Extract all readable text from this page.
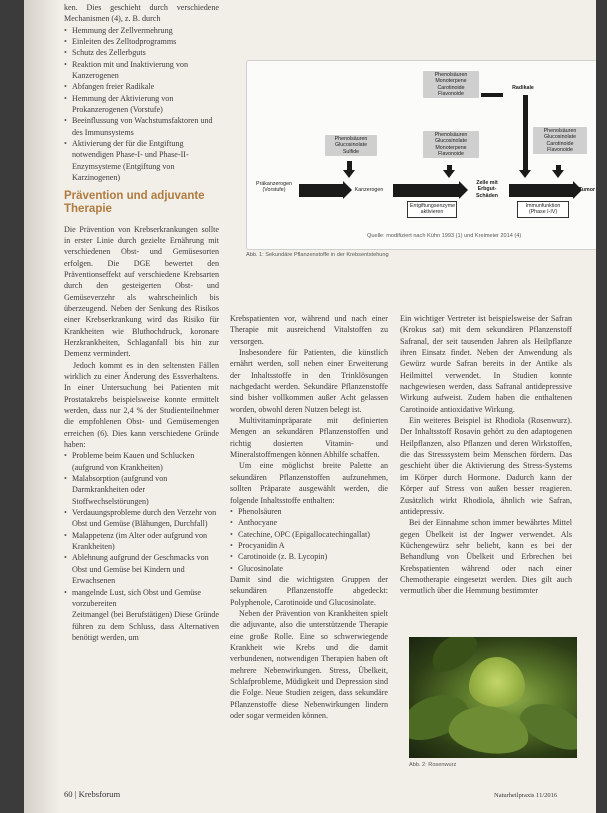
ken. Dies geschieht durch verschiedene Mechanismen (4), z. B. durch

• Hemmung der Zellvermehrung
• Einleiten des Zelltodprogramms
• Schutz des Zellerbguts
• Reaktion mit und Inaktivierung von Kanzerogenen
• Abfangen freier Radikale
• Hemmung der Aktivierung von Prokanzerogenen (Vorstufe)
• Beeinflussung von Wachstumsfaktoren und des Immunsystems
• Aktivierung der für die Entgiftung notwendigen Phase-I- und Phase-II-Enzymsysteme (Entgiftung von Karzinogenen)
Prävention und adjuvante Therapie

Die Prävention von Krebserkrankungen sollte in erster Linie durch gezielte Ernährung mit verschiedenen Obst- und Gemüsesorten erfolgen. Die DGE bewertet den Präventionseffekt auf verschiedene Krebsarten durch den gesteigerten Obst- und Gemüseverzehr als wahrscheinlich bis überzeugend. Neben der Senkung des Risikos einer Krebserkrankung wird das Risiko für Krankheiten wie Bluthochdruck, koronare Herzkrankheiten, Schlaganfall bis hin zur Demenz vermindert.

Jedoch kommt es in den seltensten Fällen wirklich zu einer Änderung des Essverhaltens. In einer Untersuchung bei Patienten mit Prostatakrebs beispielsweise konnte ermittelt werden, dass nur 2,4 % der Studienteilnehmer die empfohlenen Obst- und Gemüsemengen erreichen (6). Dies kann verschiedene Gründe haben:

• Probleme beim Kauen und Schlucken (aufgrund von Krankheiten)
• Malabsorption (aufgrund von Darmkrankheiten oder Stoffwechselstörungen)
• Verdauungsprobleme durch den Verzehr von Obst und Gemüse (Blähungen, Durchfall)
• Malappetenz (im Alter oder aufgrund von Krankheiten)
• Ablehnung aufgrund der Geschmacks von Obst und Gemüse bei Kindern und Erwachsenen
• mangelnde Lust, sich Obst und Gemüse vorzubereiten

Zeitmangel (bei Berufstätigen) Diese Gründe führen zu dem Schluss, dass Alternativen benötigt werden, um

Phenolsäuren Monoterpene Carotinoide Flavonoide
Radikale
Phenolsäuren Glucosinolate Sulfide
Phenolsäuren Glucosinolate Monoterpene Flavonoide
Phenolsäuren Glucosinolate Carotinoide Flavonoide
Präkanzerogen (Vorstufe)	Kanzerogen
Zelle mit Erbgut-Schäden
Tumor
Entgiftungsenzyme aktivieren
Immunfunktion (Phase I-IV)
Quelle: modifiziert nach Kühn 1993 (1) und Kreimeier 2014 (4)
Abb. 1: Sekundäre Pflanzenstoffe in der Krebsentstehung

Krebspatienten vor, während und nach einer Therapie mit ausreichend Vitalstoffen zu versorgen.

Insbesondere für Patienten, die künstlich ernährt werden, soll neben einer Erweiterung der Inhaltsstoffe in den Trinklösungen nachgedacht werden. Sekundäre Pflanzenstoffe sind bisher vollkommen außer Acht gelassen worden, obwohl deren Nutzen belegt ist.

Multivitaminpräparate mit definierten Mengen an sekundären Pflanzenstoffen und richtig dosierten Vitamin- und Mineralstoffmengen können Abhilfe schaffen.

Um eine möglichst breite Palette an sekundären Pflanzenstoffen aufzunehmen, sollten Präparate ausgewählt werden, die folgende Inhaltsstoffe enthalten:

• Phenolsäuren
• Anthocyane
• Catechine, OPC (Epigallocatechingallat)
• Procyanidin A
• Carotinoide (z. B. Lycopin)
• Glucosinolate

Damit sind die wichtigsten Gruppen der sekundären Pflanzenstoffe abgedeckt: Polyphenole, Carotinoide und Glucosinolate.

Neben der Prävention von Krankheiten spielt die adjuvante, also die unterstützende Therapie eine große Rolle. Eine so schwerwiegende Krankheit wie Krebs und die damit verbundenen, notwendigen Therapien haben oft mehrere Nebenwirkungen. Stress, Übelkeit, Schlafprobleme, Müdigkeit und Depression sind die Folge. Neue Studien zeigen, dass sekundäre Pflanzenstoffe diese Nebenwirkungen lindern oder sogar vermeiden können.

Ein wichtiger Vertreter ist beispielsweise der Safran (Krokus sat) mit dem sekundären Pflanzenstoff Safranal, der seit tausenden Jahren als Heilpflanze ihren Einsatz findet. Neben der Anwendung als Gewürz wurde Safran bereits in der Antike als Heilmittel verwendet. In Studien konnte nachgewiesen werden, dass Safranal antidepressive Wirkung aufweist. Zudem haben die enthaltenen Carotinoide antioxidative Wirkung.

Ein weiteres Beispiel ist Rhodiola (Rosenwurz). Der Inhaltsstoff Rosavin gehört zu den adaptogenen Heilpflanzen, also Pflanzen und deren Wirkstoffen, die das Stresssystem beim Menschen fördern. Das geschieht über die Aktivierung des Stress-Systems im Körper durch Hormone. Dadurch kann der Körper auf Stress von außen besser reagieren. Zusätzlich wirkt Rhodiola, ähnlich wie Safran, antidepressiv.

Bei der Einnahme schon immer bewährtes Mittel gegen Übelkeit ist der Ingwer verwendet. Als Küchengewürz sehr beliebt, kann es bei der Behandlung von Übelkeit und Erbrechen bei Krebspatienten während oder nach einer Chemotherapie eingesetzt werden. Dies gilt auch vermutlich über die Hemmung bestimmter

Abb. 2: Rosenwurz
60 | Krebsforum	Naturheilpraxis 11/2016
